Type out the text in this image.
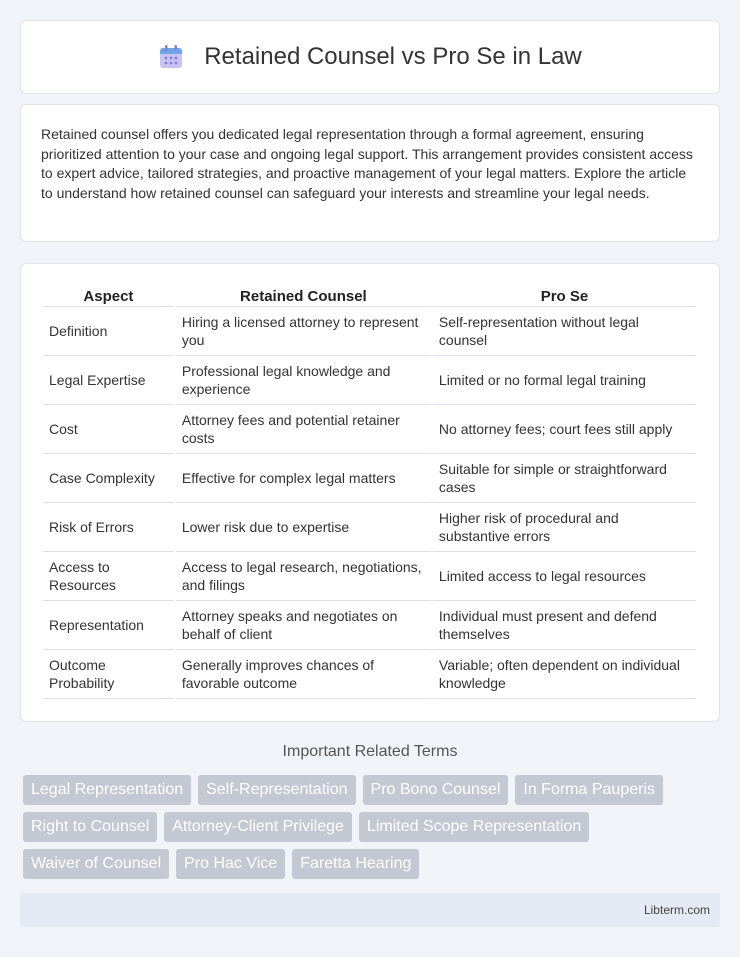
Retained Counsel vs Pro Se in Law

Retained counsel offers you dedicated legal representation through a formal agreement, ensuring prioritized attention to your case and ongoing legal support. This arrangement provides consistent access to expert advice, tailored strategies, and proactive management of your legal matters. Explore the article to understand how retained counsel can safeguard your interests and streamline your legal needs.

Aspect	Retained Counsel	Pro Se
Definition	Hiring a licensed attorney to represent you	Self-representation without legal counsel
Legal Expertise	Professional legal knowledge and experience	Limited or no formal legal training
Cost	Attorney fees and potential retainer costs	No attorney fees; court fees still apply
Case Complexity	Effective for complex legal matters	Suitable for simple or straightforward cases
Risk of Errors	Lower risk due to expertise	Higher risk of procedural and substantive errors
Access to Resources	Access to legal research, negotiations, and filings	Limited access to legal resources
Representation	Attorney speaks and negotiates on behalf of client	Individual must present and defend themselves
Outcome Probability	Generally improves chances of favorable outcome	Variable; often dependent on individual knowledge
Important Related Terms
Legal Representation	Self-Representation	Pro Bono Counsel	In Forma Pauperis
Right to Counsel	Attorney-Client Privilege	Limited Scope Representation
Waiver of Counsel	Pro Hac Vice	Faretta Hearing
Libterm.com
